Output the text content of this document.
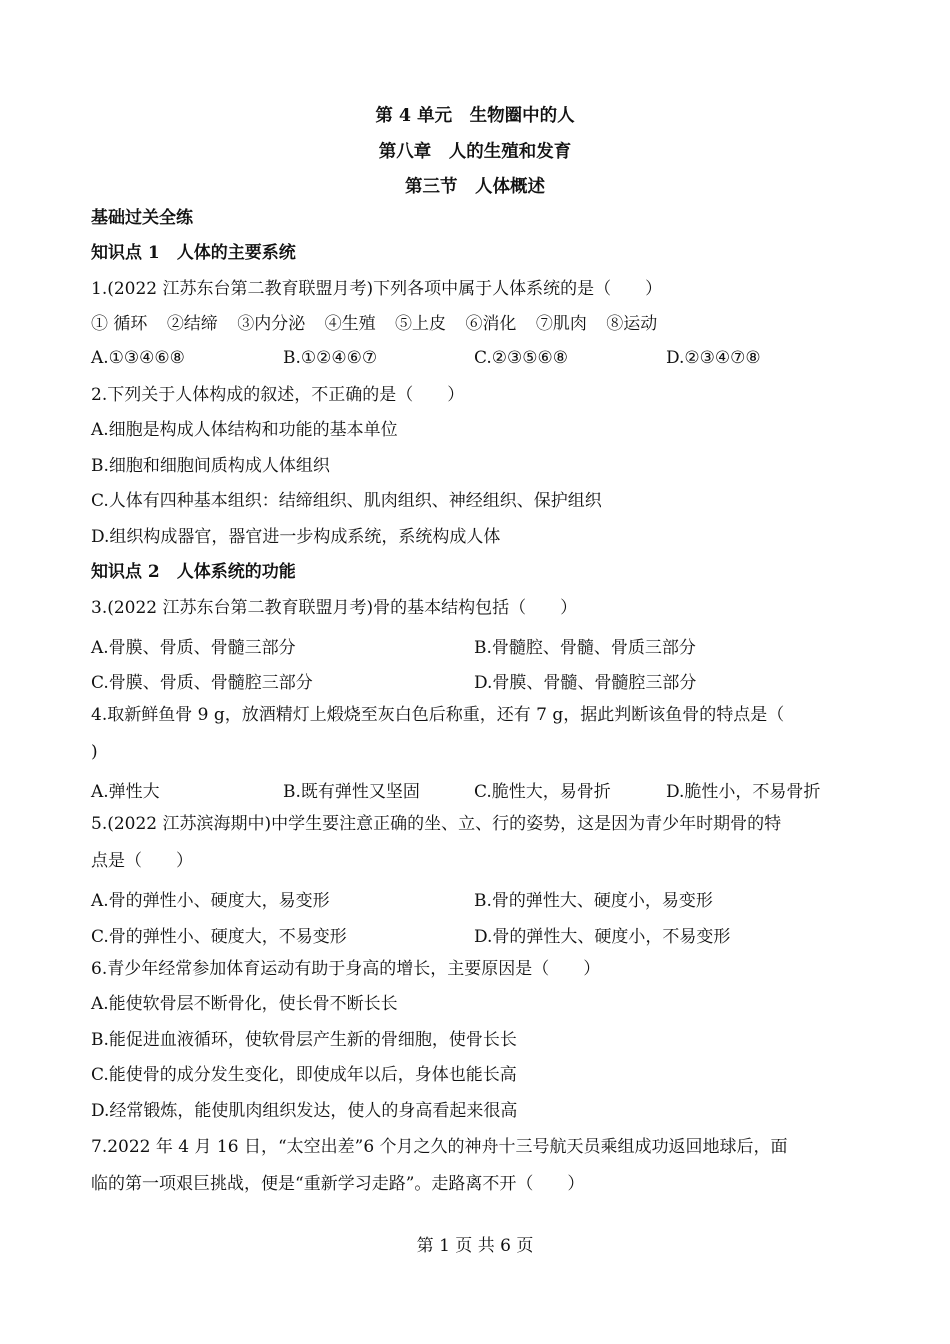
第 4 单元　生物圈中的人
第八章　人的生殖和发育
第三节　人体概述
基础过关全练
知识点 1　人体的主要系统
1.(2022 江苏东台第二教育联盟月考)下列各项中属于人体系统的是（　　）
① 循环 ②结缔 ③内分泌 ④生殖 ⑤上皮 ⑥消化 ⑦肌肉 ⑧运动
A.①③④⑥⑧	B.①②④⑥⑦	C.②③⑤⑥⑧	D.②③④⑦⑧
2.下列关于人体构成的叙述，不正确的是（　　）
A.细胞是构成人体结构和功能的基本单位
B.细胞和细胞间质构成人体组织
C.人体有四种基本组织：结缔组织、肌肉组织、神经组织、保护组织
D.组织构成器官，器官进一步构成系统，系统构成人体
知识点 2　人体系统的功能
3.(2022 江苏东台第二教育联盟月考)骨的基本结构包括（　　）
A.骨膜、骨质、骨髓三部分	B.骨髓腔、骨髓、骨质三部分
C.骨膜、骨质、骨髓腔三部分	D.骨膜、骨髓、骨髓腔三部分
4.取新鲜鱼骨 9 g，放酒精灯上煅烧至灰白色后称重，还有 7 g，据此判断该鱼骨的特点是（
)
A.弹性大	B.既有弹性又坚固	C.脆性大，易骨折	D.脆性小，不易骨折
5.(2022 江苏滨海期中)中学生要注意正确的坐、立、行的姿势，这是因为青少年时期骨的特
点是（　　）
A.骨的弹性小、硬度大，易变形	B.骨的弹性大、硬度小，易变形
C.骨的弹性小、硬度大，不易变形	D.骨的弹性大、硬度小，不易变形
6.青少年经常参加体育运动有助于身高的增长，主要原因是（　　）
A.能使软骨层不断骨化，使长骨不断长长
B.能促进血液循环，使软骨层产生新的骨细胞，使骨长长
C.能使骨的成分发生变化，即使成年以后，身体也能长高
D.经常锻炼，能使肌肉组织发达，使人的身高看起来很高
7.2022 年 4 月 16 日，“太空出差”6 个月之久的神舟十三号航天员乘组成功返回地球后，面
临的第一项艰巨挑战，便是“重新学习走路”。走路离不开（　　）
第 1 页 共 6 页
